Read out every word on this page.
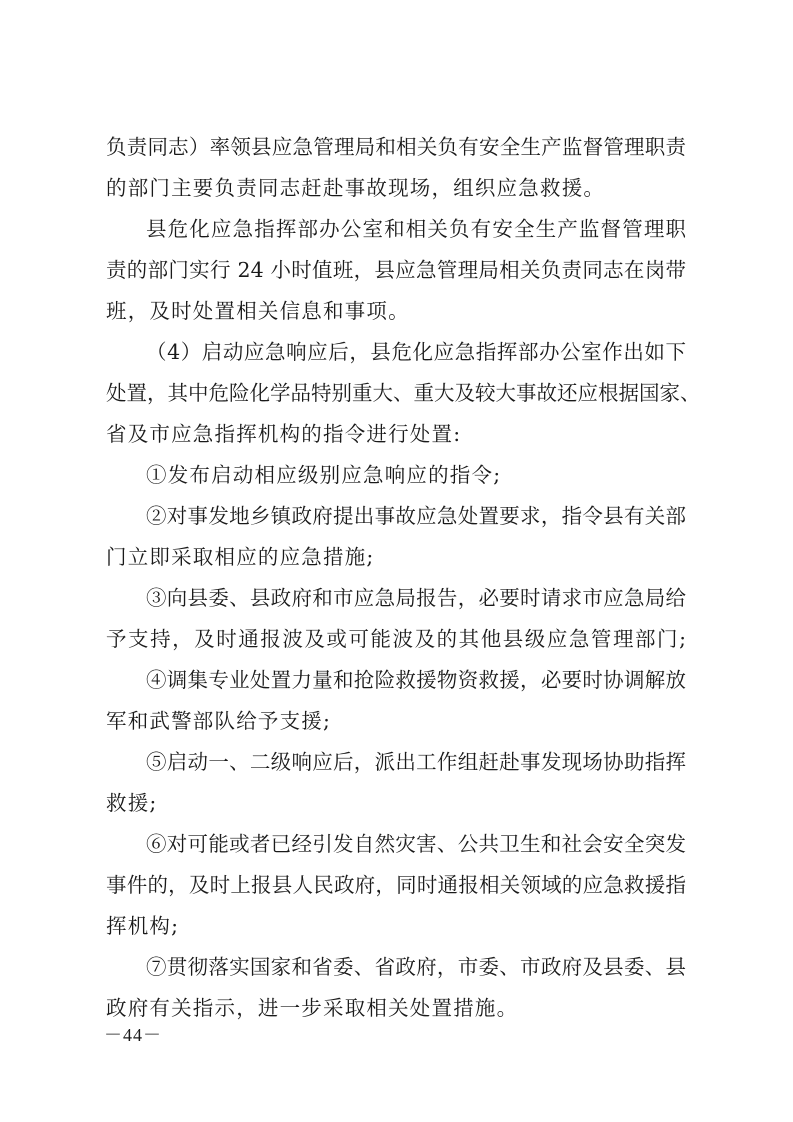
负责同志）率领县应急管理局和相关负有安全生产监督管理职责
的部门主要负责同志赶赴事故现场，组织应急救援。
县危化应急指挥部办公室和相关负有安全生产监督管理职
责的部门实行 24 小时值班，县应急管理局相关负责同志在岗带
班，及时处置相关信息和事项。
（4）启动应急响应后，县危化应急指挥部办公室作出如下
处置，其中危险化学品特别重大、重大及较大事故还应根据国家、
省及市应急指挥机构的指令进行处置:
①发布启动相应级别应急响应的指令;
②对事发地乡镇政府提出事故应急处置要求，指令县有关部
门立即采取相应的应急措施;
③向县委、县政府和市应急局报告，必要时请求市应急局给
予支持，及时通报波及或可能波及的其他县级应急管理部门;
④调集专业处置力量和抢险救援物资救援，必要时协调解放
军和武警部队给予支援;
⑤启动一、二级响应后，派出工作组赶赴事发现场协助指挥
救援;
⑥对可能或者已经引发自然灾害、公共卫生和社会安全突发
事件的，及时上报县人民政府，同时通报相关领域的应急救援指
挥机构;
⑦贯彻落实国家和省委、省政府，市委、市政府及县委、县
政府有关指示，进一步采取相关处置措施。
－44－
